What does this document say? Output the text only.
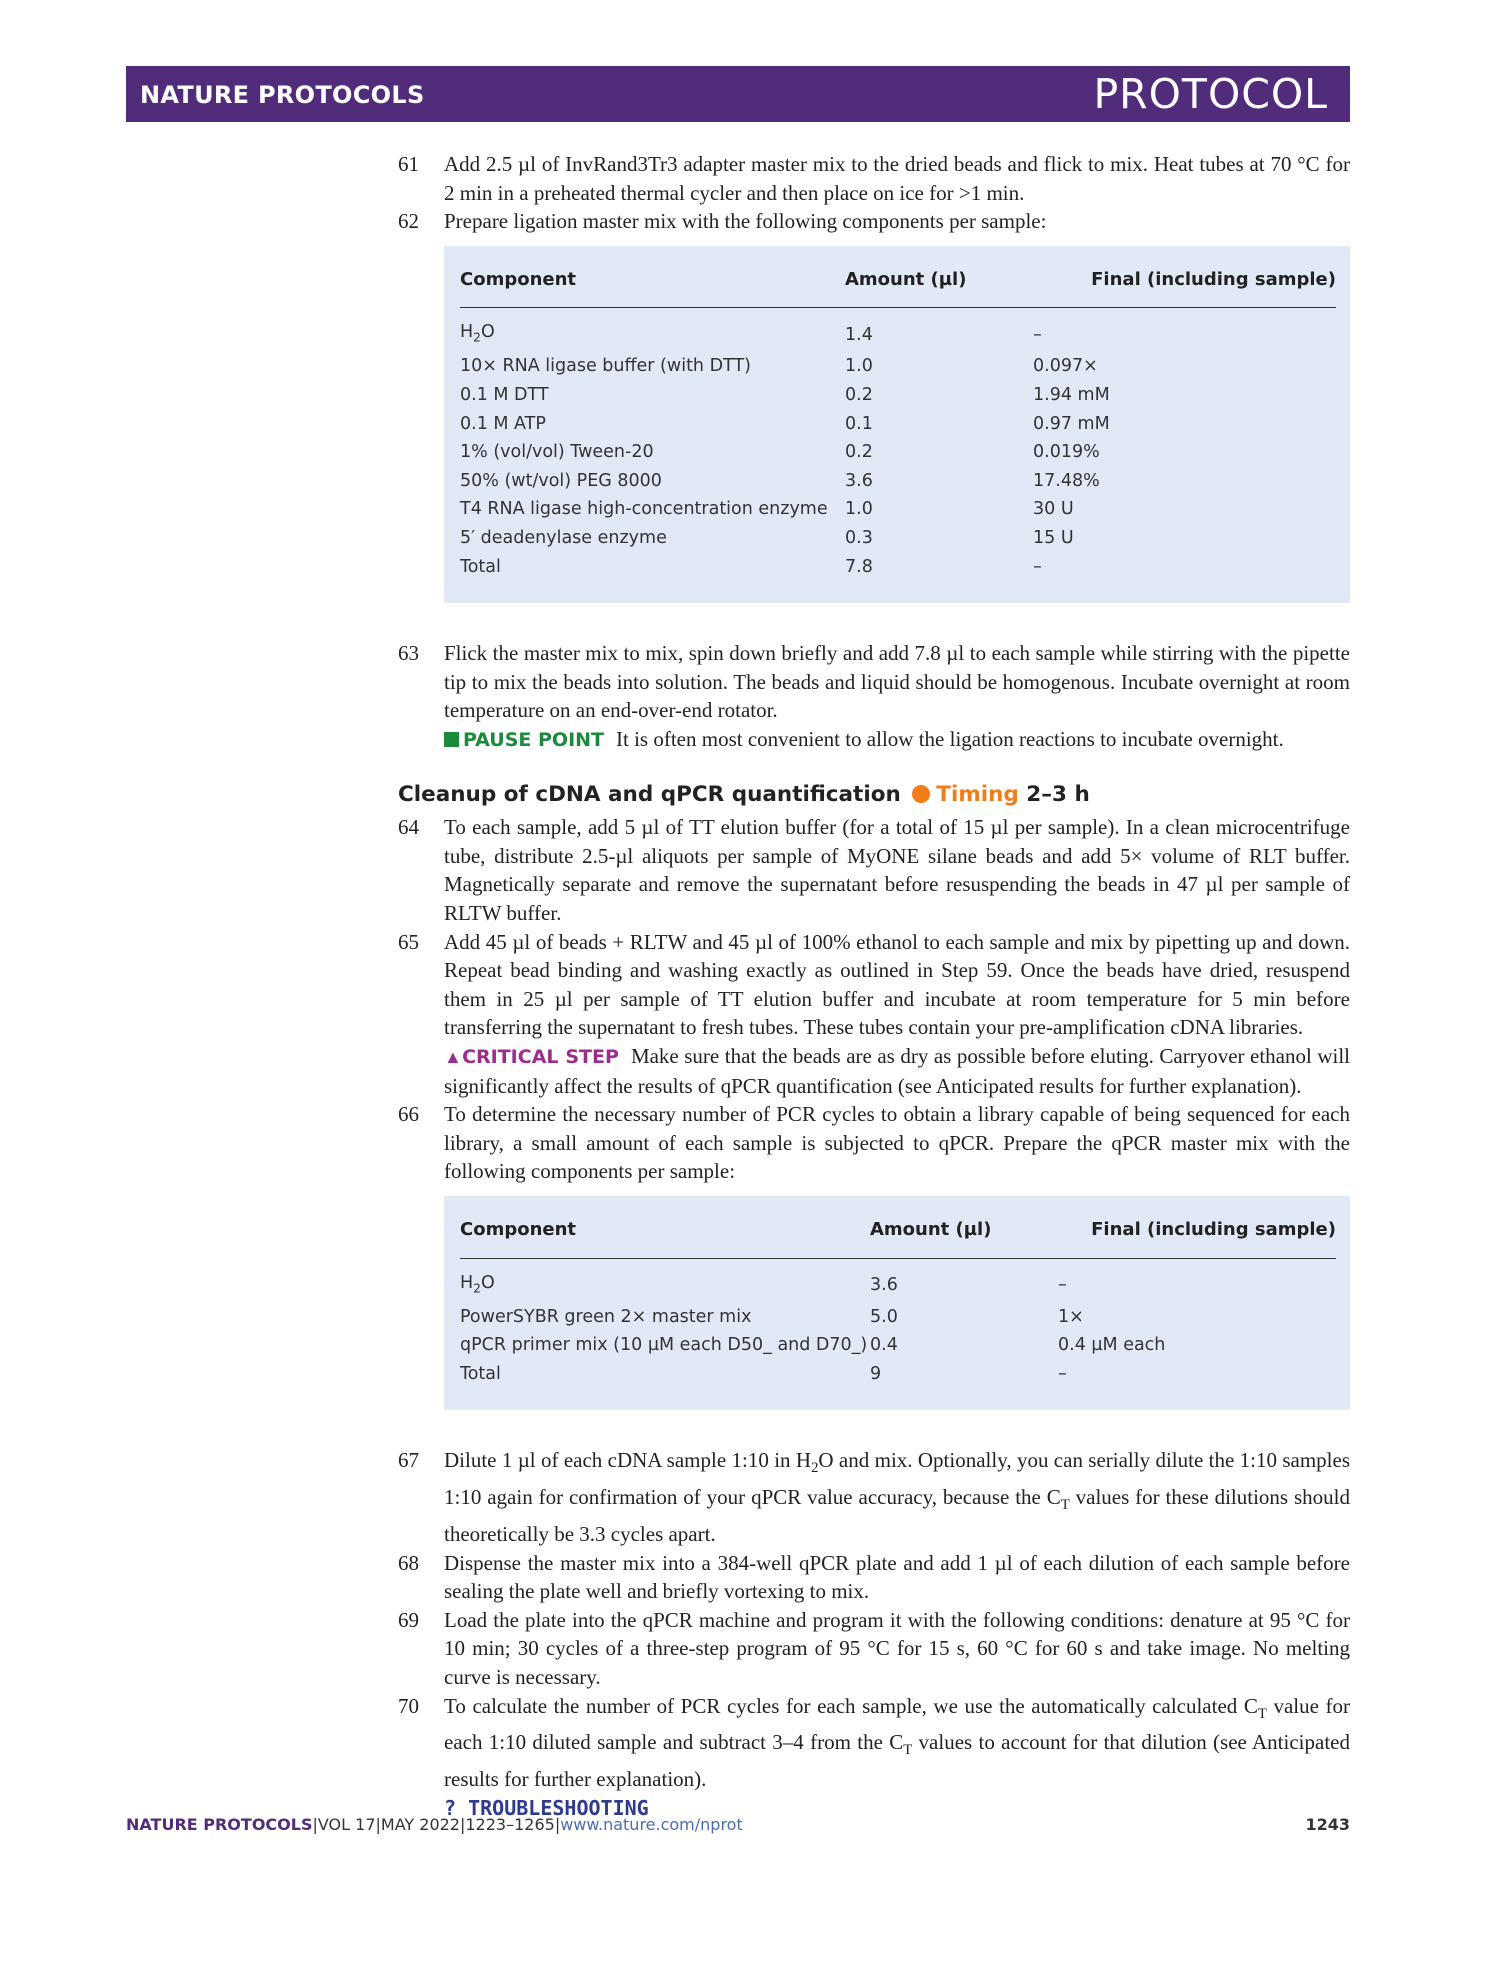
NATURE PROTOCOLS	PROTOCOL
61 Add 2.5 µl of InvRand3Tr3 adapter master mix to the dried beads and flick to mix. Heat tubes at 70 °C for 2 min in a preheated thermal cycler and then place on ice for >1 min.
62 Prepare ligation master mix with the following components per sample:
Component	Amount (µl)	Final (including sample)
$H_2O$	1.4	–
10× RNA ligase buffer (with DTT)	1.0	0.097×
0.1 M DTT	0.2	1.94 mM
0.1 M ATP	0.1	0.97 mM
1% (vol/vol) Tween-20	0.2	0.019%
50% (wt/vol) PEG 8000	3.6	17.48%
T4 RNA ligase high-concentration enzyme	1.0	30 U
5′ deadenylase enzyme	0.3	15 U
Total	7.8	–
63 Flick the master mix to mix, spin down briefly and add 7.8 µl to each sample while stirring with the pipette tip to mix the beads into solution. The beads and liquid should be homogenous. Incubate overnight at room temperature on an end-over-end rotator.
PAUSE POINT It is often most convenient to allow the ligation reactions to incubate overnight.
Cleanup of cDNA and qPCR quantification Timing 2–3 h
64 To each sample, add 5 µl of TT elution buffer (for a total of 15 µl per sample). In a clean microcentrifuge tube, distribute 2.5-µl aliquots per sample of MyONE silane beads and add 5× volume of RLT buffer. Magnetically separate and remove the supernatant before resuspending the beads in 47 µl per sample of RLTW buffer.
65 Add 45 µl of beads + RLTW and 45 µl of 100% ethanol to each sample and mix by pipetting up and down. Repeat bead binding and washing exactly as outlined in Step 59. Once the beads have dried, resuspend them in 25 µl per sample of TT elution buffer and incubate at room temperature for 5 min before transferring the supernatant to fresh tubes. These tubes contain your pre-amplification cDNA libraries.
▲CRITICAL STEP Make sure that the beads are as dry as possible before eluting. Carryover ethanol will significantly affect the results of qPCR quantification (see Anticipated results for further explanation).
66 To determine the necessary number of PCR cycles to obtain a library capable of being sequenced for each library, a small amount of each sample is subjected to qPCR. Prepare the qPCR master mix with the following components per sample:
Component	Amount (µl)	Final (including sample)
$H_2O$	3.6	–
PowerSYBR green 2× master mix	5.0	1×
qPCR primer mix (10 µM each D50_ and D70_)	0.4	0.4 µM each
Total	9	–
67 Dilute 1 µl of each cDNA sample 1:10 in $H_2O$ and mix. Optionally, you can serially dilute the 1:10 samples 1:10 again for confirmation of your qPCR value accuracy, because the $C_T$ values for these dilutions should theoretically be 3.3 cycles apart.
68 Dispense the master mix into a 384-well qPCR plate and add 1 µl of each dilution of each sample before sealing the plate well and briefly vortexing to mix.
69 Load the plate into the qPCR machine and program it with the following conditions: denature at 95 °C for 10 min; 30 cycles of a three-step program of 95 °C for 15 s, 60 °C for 60 s and take image. No melting curve is necessary.
70 To calculate the number of PCR cycles for each sample, we use the automatically calculated $C_T$ value for each 1:10 diluted sample and subtract 3–4 from the $C_T$ values to account for that dilution (see Anticipated results for further explanation).
? TROUBLESHOOTING
NATURE PROTOCOLS|VOL 17|MAY 2022|1223–1265|www.nature.com/nprot	1243
